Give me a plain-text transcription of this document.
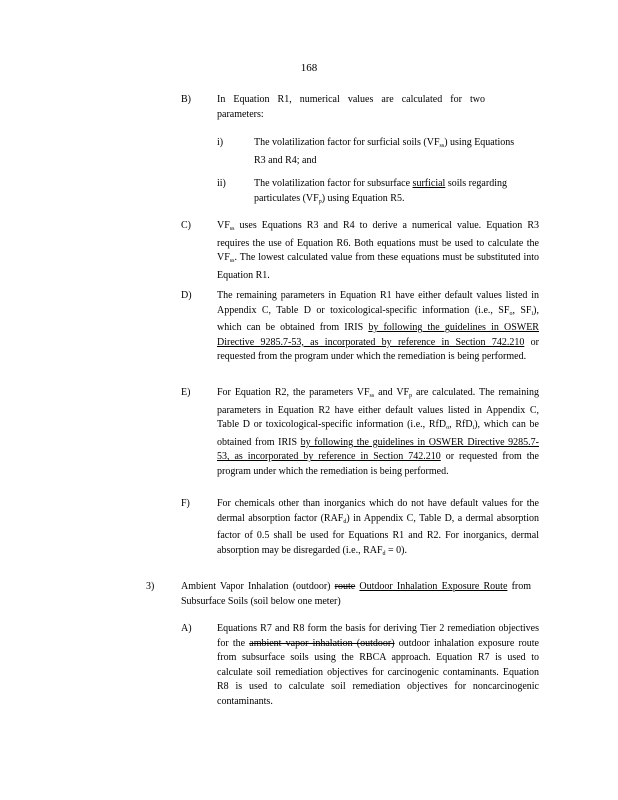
168
B)	In Equation R1, numerical values are calculated for two parameters:
i)	The volatilization factor for surficial soils $(VF_{ss})$ using Equations R3 and R4; and
ii)	The volatilization factor for subsurface surficial soils regarding particulates $(VF_p)$ using Equation R5.
C)	$VF_{ss}$ uses Equations R3 and R4 to derive a numerical value. Equation R3 requires the use of Equation R6. Both equations must be used to calculate the $VF_{ss}$. The lowest calculated value from these equations must be substituted into Equation R1.
D)	The remaining parameters in Equation R1 have either default values listed in Appendix C, Table D or toxicological-specific information (i.e., $SF_o$, $SF_i$), which can be obtained from IRIS by following the guidelines in OSWER Directive 9285.7-53, as incorporated by reference in Section 742.210 or requested from the program under which the remediation is being performed.
E)	For Equation R2, the parameters $VF_{ss}$ and $VF_p$ are calculated. The remaining parameters in Equation R2 have either default values listed in Appendix C, Table D or toxicological-specific information (i.e., RfD$_o$, RfD$_i$), which can be obtained from IRIS by following the guidelines in OSWER Directive 9285.7-53, as incorporated by reference in Section 742.210 or requested from the program under which the remediation is being performed.
F)	For chemicals other than inorganics which do not have default values for the dermal absorption factor $(RAF_d)$ in Appendix C, Table D, a dermal absorption factor of 0.5 shall be used for Equations R1 and R2. For inorganics, dermal absorption may be disregarded (i.e., $RAF_d = 0$).
3)	Ambient Vapor Inhalation (outdoor) route Outdoor Inhalation Exposure Route from Subsurface Soils (soil below one meter)
A)	Equations R7 and R8 form the basis for deriving Tier 2 remediation objectives for the ambient vapor inhalation (outdoor) outdoor inhalation exposure route from subsurface soils using the RBCA approach. Equation R7 is used to calculate soil remediation objectives for carcinogenic contaminants. Equation R8 is used to calculate soil remediation objectives for noncarcinogenic contaminants.
